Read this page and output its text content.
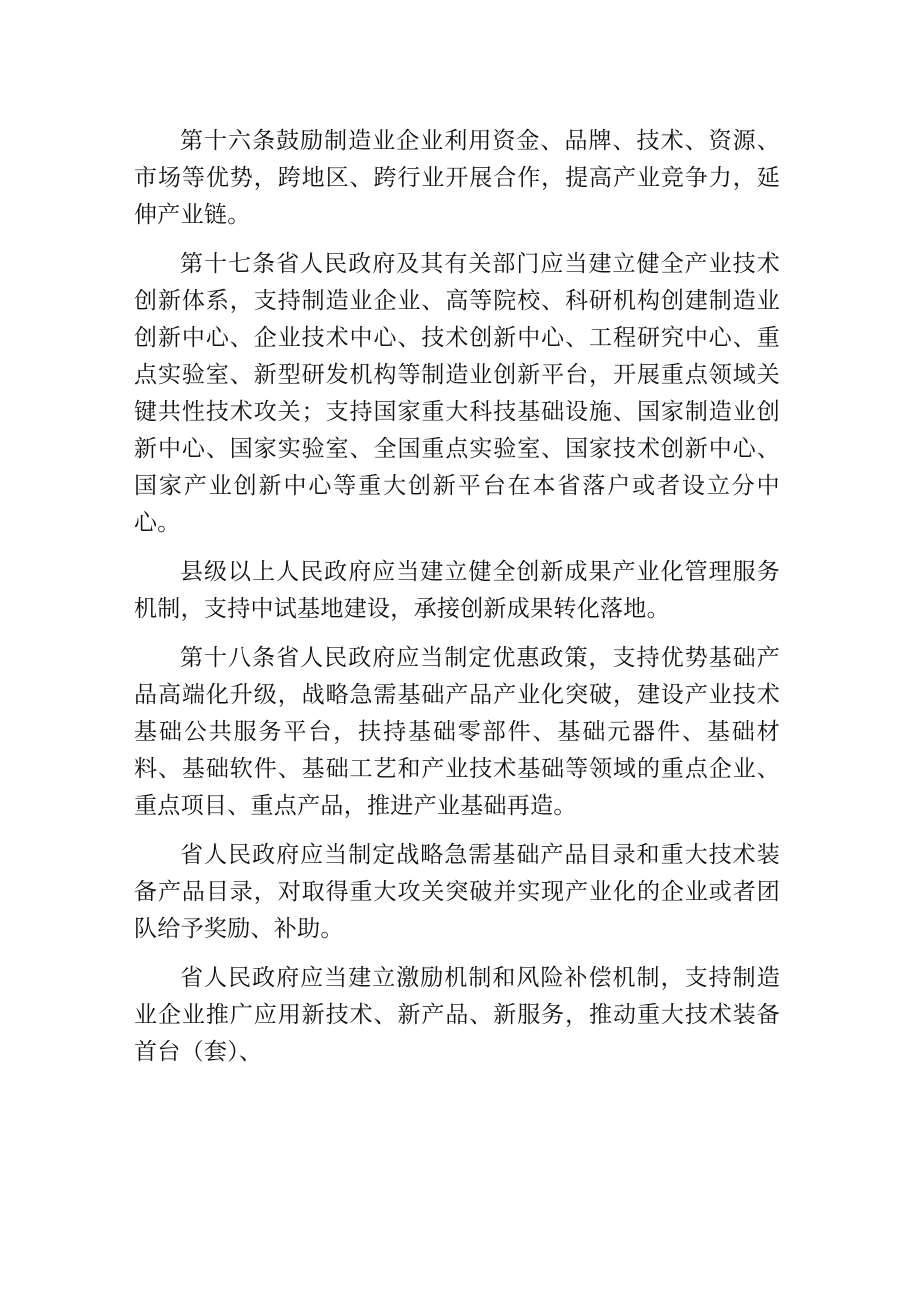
第十六条鼓励制造业企业利用资金、品牌、技术、资源、市场等优势，跨地区、跨行业开展合作，提高产业竞争力，延伸产业链。

第十七条省人民政府及其有关部门应当建立健全产业技术创新体系，支持制造业企业、高等院校、科研机构创建制造业创新中心、企业技术中心、技术创新中心、工程研究中心、重点实验室、新型研发机构等制造业创新平台，开展重点领域关键共性技术攻关；支持国家重大科技基础设施、国家制造业创新中心、国家实验室、全国重点实验室、国家技术创新中心、国家产业创新中心等重大创新平台在本省落户或者设立分中心。

县级以上人民政府应当建立健全创新成果产业化管理服务机制，支持中试基地建设，承接创新成果转化落地。

第十八条省人民政府应当制定优惠政策，支持优势基础产品高端化升级，战略急需基础产品产业化突破，建设产业技术基础公共服务平台，扶持基础零部件、基础元器件、基础材料、基础软件、基础工艺和产业技术基础等领域的重点企业、重点项目、重点产品，推进产业基础再造。

省人民政府应当制定战略急需基础产品目录和重大技术装备产品目录，对取得重大攻关突破并实现产业化的企业或者团队给予奖励、补助。

省人民政府应当建立激励机制和风险补偿机制，支持制造业企业推广应用新技术、新产品、新服务，推动重大技术装备首台（套）、
